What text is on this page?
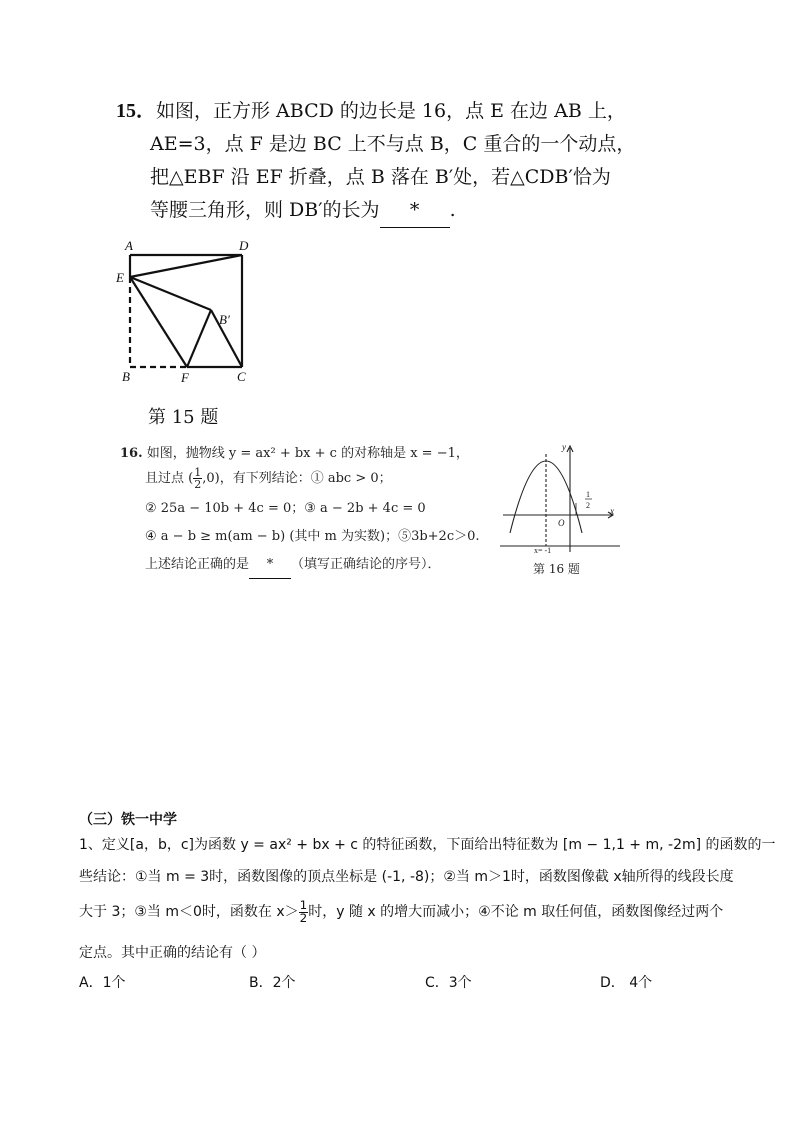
15．如图，正方形 ABCD 的边长是 16，点 E 在边 AB 上，
AE=3，点 F 是边 BC 上不与点 B，C 重合的一个动点，
把△EBF 沿 EF 折叠，点 B 落在 B′处，若△CDB′恰为
等腰三角形，则 DB′的长为 * .
A	D
E
B′
B	F	C
第 15 题
16. 如图，抛物线 y = ax² + bx + c 的对称轴是 x = −1，
且过点 ( $\frac{1}{2} ,0$)，有下列结论：① abc > 0；
② 25a − 10b + 4c = 0；③ a − 2b + 4c = 0
④ a − b ≥ m(am − b) (其中 m 为实数)；⑤3b+2c＞0.
上述结论正确的是 * （填写正确结论的序号）．
y
x
O
1
2
x= -1
第 16 题
（三）铁一中学
1、定义[a，b，c]为函数 y = ax² + bx + c 的特征函数，下面给出特征数为 [m − 1,1 + m, -2m] 的函数的一
些结论：①当 m = 3时，函数图像的顶点坐标是 (-1, -8)；②当 m＞1时，函数图像截 x轴所得的线段长度
大于 3；③当 m＜0时，函数在 $x> \frac{1}{2}$ 时，y 随 x 的增大而减小；④不论 m 取任何值，函数图像经过两个
定点。其中正确的结论有（ ）
A．1个	B．2个	C．3个	D． 4个
